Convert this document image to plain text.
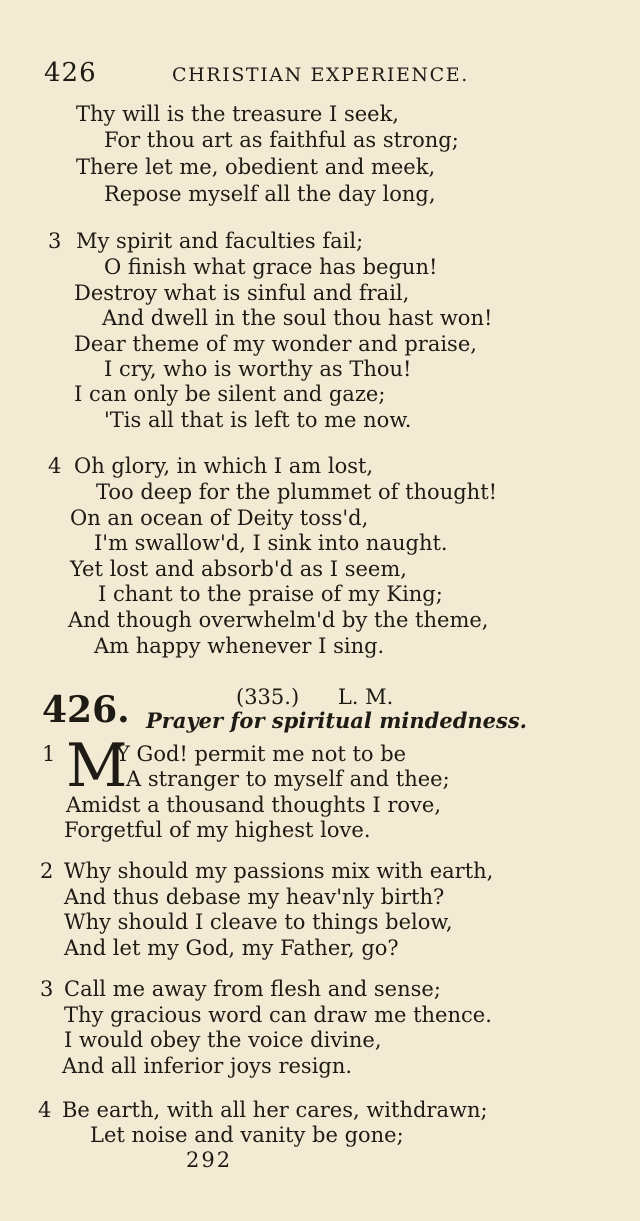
426	CHRISTIAN EXPERIENCE.
Thy will is the treasure I seek,
For thou art as faithful as strong;
There let me, obedient and meek,
Repose myself all the day long,
3 My spirit and faculties fail;
O finish what grace has begun!
Destroy what is sinful and frail,
And dwell in the soul thou hast won!
Dear theme of my wonder and praise,
I cry, who is worthy as Thou!
I can only be silent and gaze;
'Tis all that is left to me now.
4 Oh glory, in which I am lost,
Too deep for the plummet of thought!
On an ocean of Deity toss'd,
I'm swallow'd, I sink into naught.
Yet lost and absorb'd as I seem,
I chant to the praise of my King;
And though overwhelm'd by the theme,
Am happy whenever I sing.
426.	(335.) L. M.
Prayer for spiritual mindedness.
1 M
Y God! permit me not to be
A stranger to myself and thee;
Amidst a thousand thoughts I rove,
Forgetful of my highest love.
2 Why should my passions mix with earth,
And thus debase my heav'nly birth?
Why should I cleave to things below,
And let my God, my Father, go?
3 Call me away from flesh and sense;
Thy gracious word can draw me thence.
I would obey the voice divine,
And all inferior joys resign.
4 Be earth, with all her cares, withdrawn;
Let noise and vanity be gone;
292
